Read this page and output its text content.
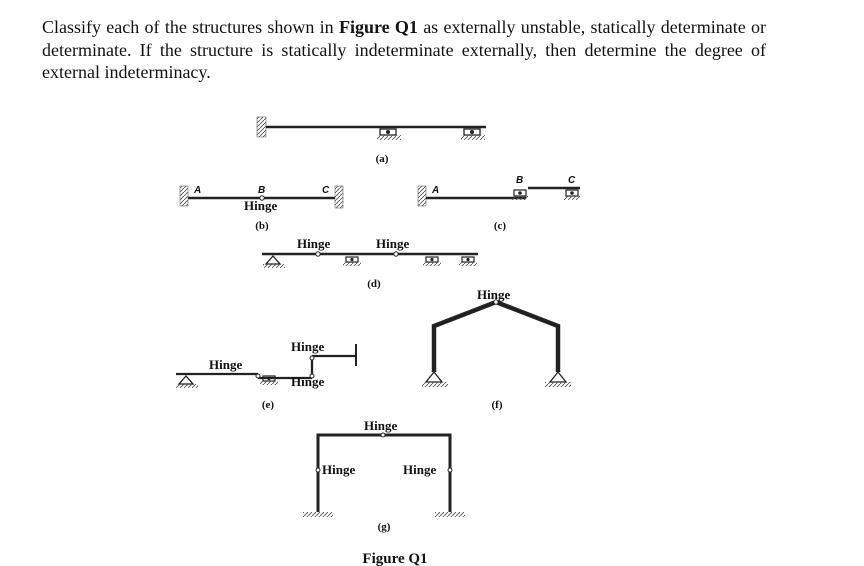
Classify each of the structures shown in Figure Q1 as externally unstable, statically determinate or determinate. If the structure is statically indeterminate externally, then determine the degree of external indeterminacy.
(a)
A	B	C
Hinge
(b)
A
B	C
(c)
Hinge	Hinge
(d)
Hinge
Hinge
Hinge
(e)
Hinge
(f)
Hinge
Hinge	Hinge
(g)
Figure Q1
